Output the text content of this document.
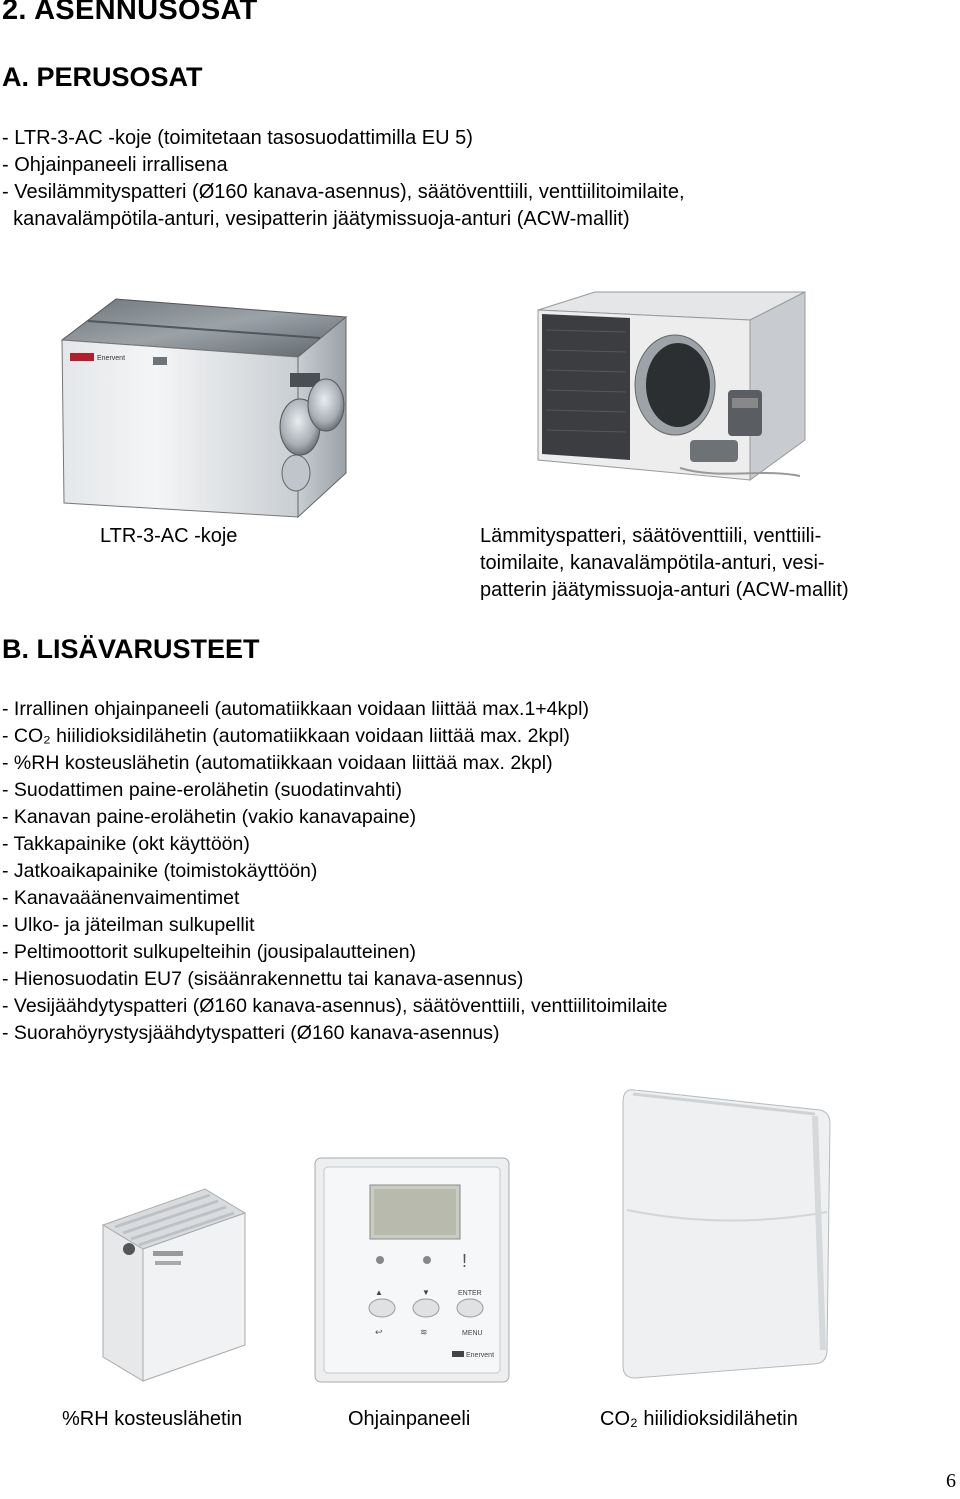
2. ASENNUSOSAT
A. PERUSOSAT
- LTR-3-AC -koje (toimitetaan tasosuodattimilla EU 5)
- Ohjainpaneeli irrallisena
- Vesilämmityspatteri (Ø160 kanava-asennus), säätöventtiili, venttiilitoimilaite,
kanavalämpötila-anturi, vesipatterin jäätymissuoja-anturi (ACW-mallit)
Enervent
LTR-3-AC -koje	Lämmityspatteri, säätöventtiili, venttiili-
toimilaite, kanavalämpötila-anturi, vesi-
patterin jäätymissuoja-anturi (ACW-mallit)
B. LISÄVARUSTEET
- Irrallinen ohjainpaneeli (automatiikkaan voidaan liittää max.1+4kpl)
- CO₂ hiilidioksidilähetin (automatiikkaan voidaan liittää max. 2kpl)
- %RH kosteuslähetin (automatiikkaan voidaan liittää max. 2kpl)
- Suodattimen paine-erolähetin (suodatinvahti)
- Kanavan paine-erolähetin (vakio kanavapaine)
- Takkapainike (okt käyttöön)
- Jatkoaikapainike (toimistokäyttöön)
- Kanavaäänenvaimentimet
- Ulko- ja jäteilman sulkupellit
- Peltimoottorit sulkupelteihin (jousipalautteinen)
- Hienosuodatin EU7 (sisäänrakennettu tai kanava-asennus)
- Vesijäähdytyspatteri (Ø160 kanava-asennus), säätöventtiili, venttiilitoimilaite
- Suorahöyrystysjäähdytyspatteri (Ø160 kanava-asennus)
!
▲	▼	ENTER
↩	≋	MENU
Enervent
%RH kosteuslähetin	Ohjainpaneeli	CO₂ hiilidioksidilähetin
6
